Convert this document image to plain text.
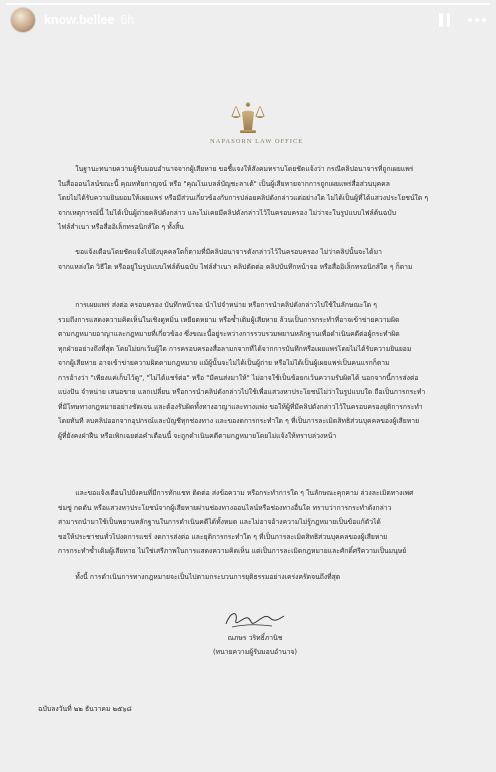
know.bellee 6h
NAPASORN LAW OFFICE

ในฐานะทนายความผู้รับมอบอำนาจจากผู้เสียหาย ขอชี้แจงให้สังคมทราบโดยชัดแจ้งว่า กรณีคลิปอนาจารที่ถูกเผยแพร่
ในสื่อออนไลน์ขณะนี้ คุณหทัยกาญจน์ หรือ "คุณโนเบลล์บัญชะลาเต้" เป็นผู้เสียหายจากการถูกเผยแพร่สื่อส่วนบุคคล
โดยไม่ได้รับความยินยอมให้เผยแพร่ หรือมีส่วนเกี่ยวข้องกับการปล่อยคลิปดังกล่าวแต่อย่างใด ไม่ได้เป็นผู้ที่ได้แสวงประโยชน์ใด ๆ
จากเหตุการณ์นี้ ไม่ได้เป็นผู้ถ่ายคลิปดังกล่าว และไม่เคยมีคลิปดังกล่าวไว้ในครอบครอง ไม่ว่าจะในรูปแบบไฟล์ต้นฉบับ
ไฟล์สำเนา หรือสื่ออิเล็กทรอนิกส์ใด ๆ ทั้งสิ้น

ขอแจ้งเตือนโดยชัดแจ้งไปยังบุคคลใดก็ตามที่มีคลิปอนาจารดังกล่าวไว้ในครอบครอง ไม่ว่าคลิปนั้นจะได้มา
จากแหล่งใด วิธีใด หรืออยู่ในรูปแบบไฟล์ต้นฉบับ ไฟล์สำเนา คลิปตัดต่อ คลิปบันทึกหน้าจอ หรือสื่ออิเล็กทรอนิกส์ใด ๆ ก็ตาม

การเผยแพร่ ส่งต่อ ครอบครอง บันทึกหน้าจอ นำไปจำหน่าย หรือการนำคลิปดังกล่าวไปใช้ในลักษณะใด ๆ
รวมถึงการแสดงความคิดเห็นในเชิงดูหมิ่น เหยียดหยาม หรือซ้ำเติมผู้เสียหาย ล้วนเป็นการกระทำที่อาจเข้าข่ายความผิด
ตามกฎหมายอาญาและกฎหมายที่เกี่ยวข้อง ซึ่งขณะนี้อยู่ระหว่างการรวบรวมพยานหลักฐานเพื่อดำเนินคดีต่อผู้กระทำผิด
ทุกฝ่ายอย่างถึงที่สุด โดยไม่ยกเว้นผู้ใด การครอบครองสื่อลามกจากที่ได้จากการบันทึกหรือเผยแพร่โดยไม่ได้รับความยินยอม
จากผู้เสียหาย อาจเข้าข่ายความผิดตามกฎหมาย แม้ผู้นั้นจะไม่ได้เป็นผู้ถ่าย หรือไม่ได้เป็นผู้เผยแพร่เป็นคนแรกก็ตาม
การอ้างว่า "เพียงแค่เก็บไว้ดู", "ไม่ได้แชร์ต่อ" หรือ "มีคนส่งมาให้" ไม่อาจใช้เป็นข้อยกเว้นความรับผิดได้ นอกจากนี้การส่งต่อ
แบ่งปัน จำหน่าย เสนอขาย แลกเปลี่ยน หรือการนำคลิปดังกล่าวไปใช้เพื่อแสวงหาประโยชน์ไม่ว่าในรูปแบบใด ถือเป็นการกระทำ
ที่มีโทษทางกฎหมายอย่างชัดเจน และต้องรับผิดทั้งทางอาญาและทางแพ่ง ขอให้ผู้ที่มีคลิปดังกล่าวไว้ในครอบครองยุติการกระทำ
โดยทันที ลบคลิปออกจากอุปกรณ์และบัญชีทุกช่องทาง และของดการกระทำใด ๆ ที่เป็นการละเมิดสิทธิส่วนบุคคลของผู้เสียหาย
ผู้ที่ยังคงฝ่าฝืน หรือเพิกเฉยต่อคำเตือนนี้ จะถูกดำเนินคดีตามกฎหมายโดยไม่แจ้งให้ทราบล่วงหน้า

และขอแจ้งเตือนไปยังคนที่มีการทักแชท ติดต่อ ส่งข้อความ หรือกระทำการใด ๆ ในลักษณะคุกคาม ล่วงละเมิดทางเพศ
ข่มขู่ กดดัน หรือแสวงหาประโยชน์จากผู้เสียหายผ่านช่องทางออนไลน์หรือช่องทางอื่นใด ทราบว่าการกระทำดังกล่าว
สามารถนำมาใช้เป็นพยานหลักฐานในการดำเนินคดีได้ทั้งหมด และไม่อาจอ้างความไม่รู้กฎหมายเป็นข้อแก้ตัวได้
ขอให้ประชาชนทั่วไปงดการแชร์ งดการส่งต่อ และยุติการกระทำใด ๆ ที่เป็นการละเมิดสิทธิส่วนบุคคลของผู้เสียหาย
การกระทำซ้ำเติมผู้เสียหาย ไม่ใช่เสรีภาพในการแสดงความคิดเห็น แต่เป็นการละเมิดกฎหมายและศักดิ์ศรีความเป็นมนุษย์

ทั้งนี้ การดำเนินการทางกฎหมายจะเป็นไปตามกระบวนการยุติธรรมอย่างเคร่งครัดจนถึงที่สุด

ณภษร วริทธิ์ภานิช
(ทนายความผู้รับมอบอำนาจ)
ฉบับลงวันที่ ๒๒ ธันวาคม ๒๕๖๘
